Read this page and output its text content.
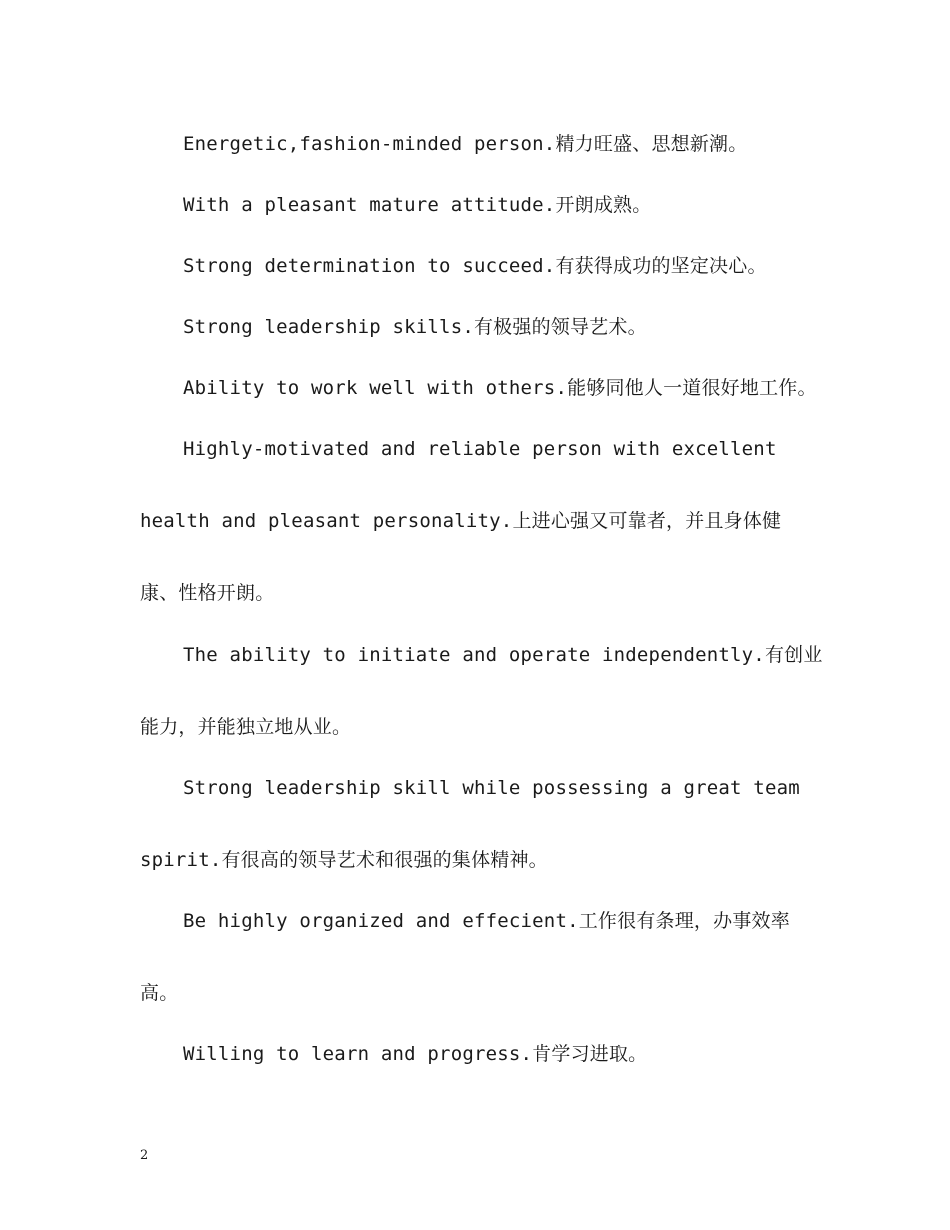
Energetic,fashion-minded person.精力旺盛、思想新潮。
With a pleasant mature attitude.开朗成熟。
Strong determination to succeed.有获得成功的坚定决心。
Strong leadership skills.有极强的领导艺术。
Ability to work well with others.能够同他人一道很好地工作。
Highly-motivated and reliable person with excellent
health and pleasant personality.上进心强又可靠者，并且身体健
康、性格开朗。
The ability to initiate and operate independently.有创业
能力，并能独立地从业。
Strong leadership skill while possessing a great team
spirit.有很高的领导艺术和很强的集体精神。
Be highly organized and effecient.工作很有条理，办事效率
高。
Willing to learn and progress.肯学习进取。
2
